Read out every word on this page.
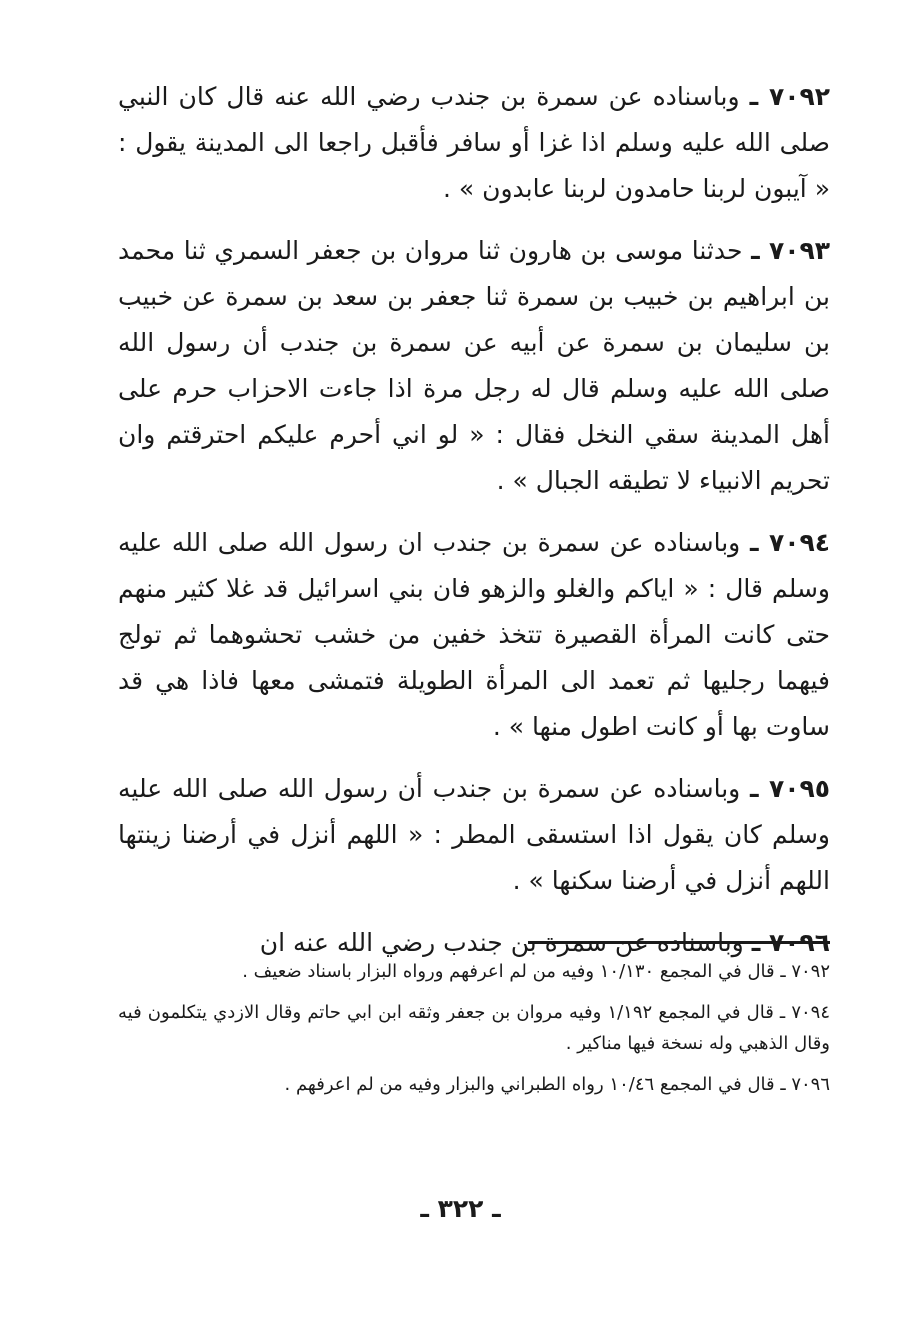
٧٠٩٢ ـ وباسناده عن سمرة بن جندب رضي الله عنه قال كان النبي صلى الله عليه وسلم اذا غزا أو سافر فأقبل راجعا الى المدينة يقول : « آيبون لربنا حامدون لربنا عابدون » .

٧٠٩٣ ـ حدثنا موسى بن هارون ثنا مروان بن جعفر السمري ثنا محمد بن ابراهيم بن خبيب بن سمرة ثنا جعفر بن سعد بن سمرة عن خبيب بن سليمان بن سمرة عن أبيه عن سمرة بن جندب أن رسول الله صلى الله عليه وسلم قال له رجل مرة اذا جاءت الاحزاب حرم على أهل المدينة سقي النخل فقال : « لو اني أحرم عليكم احترقتم وان تحريم الانبياء لا تطيقه الجبال » .

٧٠٩٤ ـ وباسناده عن سمرة بن جندب ان رسول الله صلى الله عليه وسلم قال : « اياكم والغلو والزهو فان بني اسرائيل قد غلا كثير منهم حتى كانت المرأة القصيرة تتخذ خفين من خشب تحشوهما ثم تولج فيهما رجليها ثم تعمد الى المرأة الطويلة فتمشى معها فاذا هي قد ساوت بها أو كانت اطول منها » .

٧٠٩٥ ـ وباسناده عن سمرة بن جندب أن رسول الله صلى الله عليه وسلم كان يقول اذا استسقى المطر : « اللهم أنزل في أرضنا زينتها اللهم أنزل في أرضنا سكنها » .

٧٠٩٦ ـ وباسناده عن سمرة بن جندب رضي الله عنه ان

٧٠٩٢ ـ قال في المجمع ١٠/١٣٠ وفيه من لم اعرفهم ورواه البزار باسناد ضعيف .

٧٠٩٤ ـ قال في المجمع ١/١٩٢ وفيه مروان بن جعفر وثقه ابن ابي حاتم وقال الازدي يتكلمون فيه وقال الذهبي وله نسخة فيها مناكير .

٧٠٩٦ ـ قال في المجمع ١٠/٤٦ رواه الطبراني والبزار وفيه من لم اعرفهم .

ـ ٣٢٢ ـ
